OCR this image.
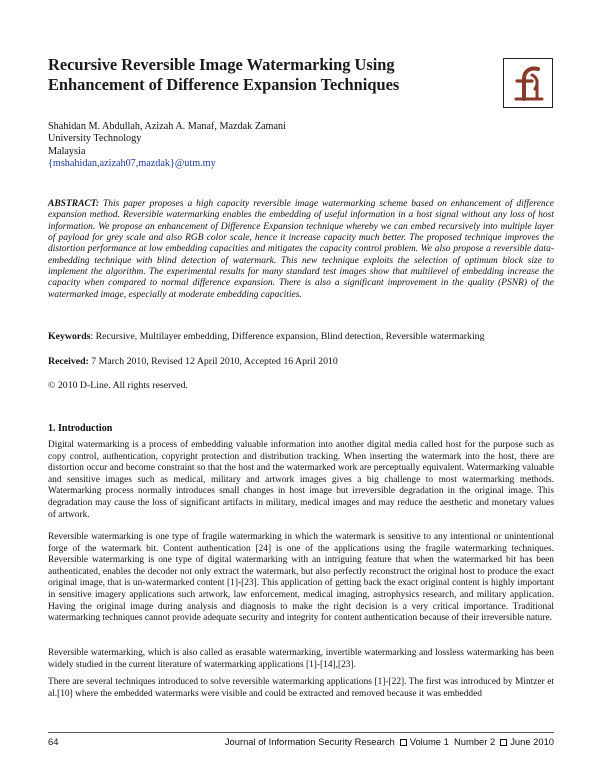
Recursive Reversible Image Watermarking Using Enhancement of Difference Expansion Techniques
Shahidan M. Abdullah, Azizah A. Manaf, Mazdak Zamani
University Technology
Malaysia
{mshahidan,azizah07,mazdak}@utm.my
ABSTRACT: This paper proposes a high capacity reversible image watermarking scheme based on enhancement of difference expansion method. Reversible watermarking enables the embedding of useful information in a host signal without any loss of host information. We propose an enhancement of Difference Expansion technique whereby we can embed recursively into multiple layer of payload for grey scale and also RGB color scale, hence it increase capacity much better. The proposed technique improves the distortion performance at low embedding capacities and mitigates the capacity control problem. We also propose a reversible data-embedding technique with blind detection of watermark. This new technique exploits the selection of optimum block size to implement the algorithm. The experimental results for many standard test images show that multilevel of embedding increase the capacity when compared to normal difference expansion. There is also a significant improvement in the quality (PSNR) of the watermarked image, especially at moderate embedding capacities.
Keywords: Recursive, Multilayer embedding, Difference expansion, Blind detection, Reversible watermarking
Received: 7 March 2010, Revised 12 April 2010, Accepted 16 April 2010
© 2010 D-Line. All rights reserved.
1. Introduction
Digital watermarking is a process of embedding valuable information into another digital media called host for the purpose such as copy control, authentication, copyright protection and distribution tracking. When inserting the watermark into the host, there are distortion occur and become constraint so that the host and the watermarked work are perceptually equivalent. Watermarking valuable and sensitive images such as medical, military and artwork images gives a big challenge to most watermarking methods. Watermarking process normally introduces small changes in host image but irreversible degradation in the original image. This degradation may cause the loss of significant artifacts in military, medical images and may reduce the aesthetic and monetary values of artwork.
Reversible watermarking is one type of fragile watermarking in which the watermark is sensitive to any intentional or unintentional forge of the watermark bit. Content authentication [24] is one of the applications using the fragile watermarking techniques. Reversible watermarking is one type of digital watermarking with an intriguing feature that when the watermarked bit has been authenticated, enables the decoder not only extract the watermark, but also perfectly reconstruct the original host to produce the exact original image, that is un-watermarked content [1]-[23]. This application of getting back the exact original content is highly important in sensitive imagery applications such artwork, law enforcement, medical imaging, astrophysics research, and military application. Having the original image during analysis and diagnosis to make the right decision is a very critical importance. Traditional watermarking techniques cannot provide adequate security and integrity for content authentication because of their irreversible nature.
Reversible watermarking, which is also called as erasable watermarking, invertible watermarking and lossless watermarking has been widely studied in the current literature of watermarking applications [1]-[14],[23].
There are several techniques introduced to solve reversible watermarking applications [1]-[22]. The first was introduced by Mintzer et al.[10] where the embedded watermarks were visible and could be extracted and removed because it was embedded
64	Journal of Information Security Research Volume 1 Number 2 June 2010
